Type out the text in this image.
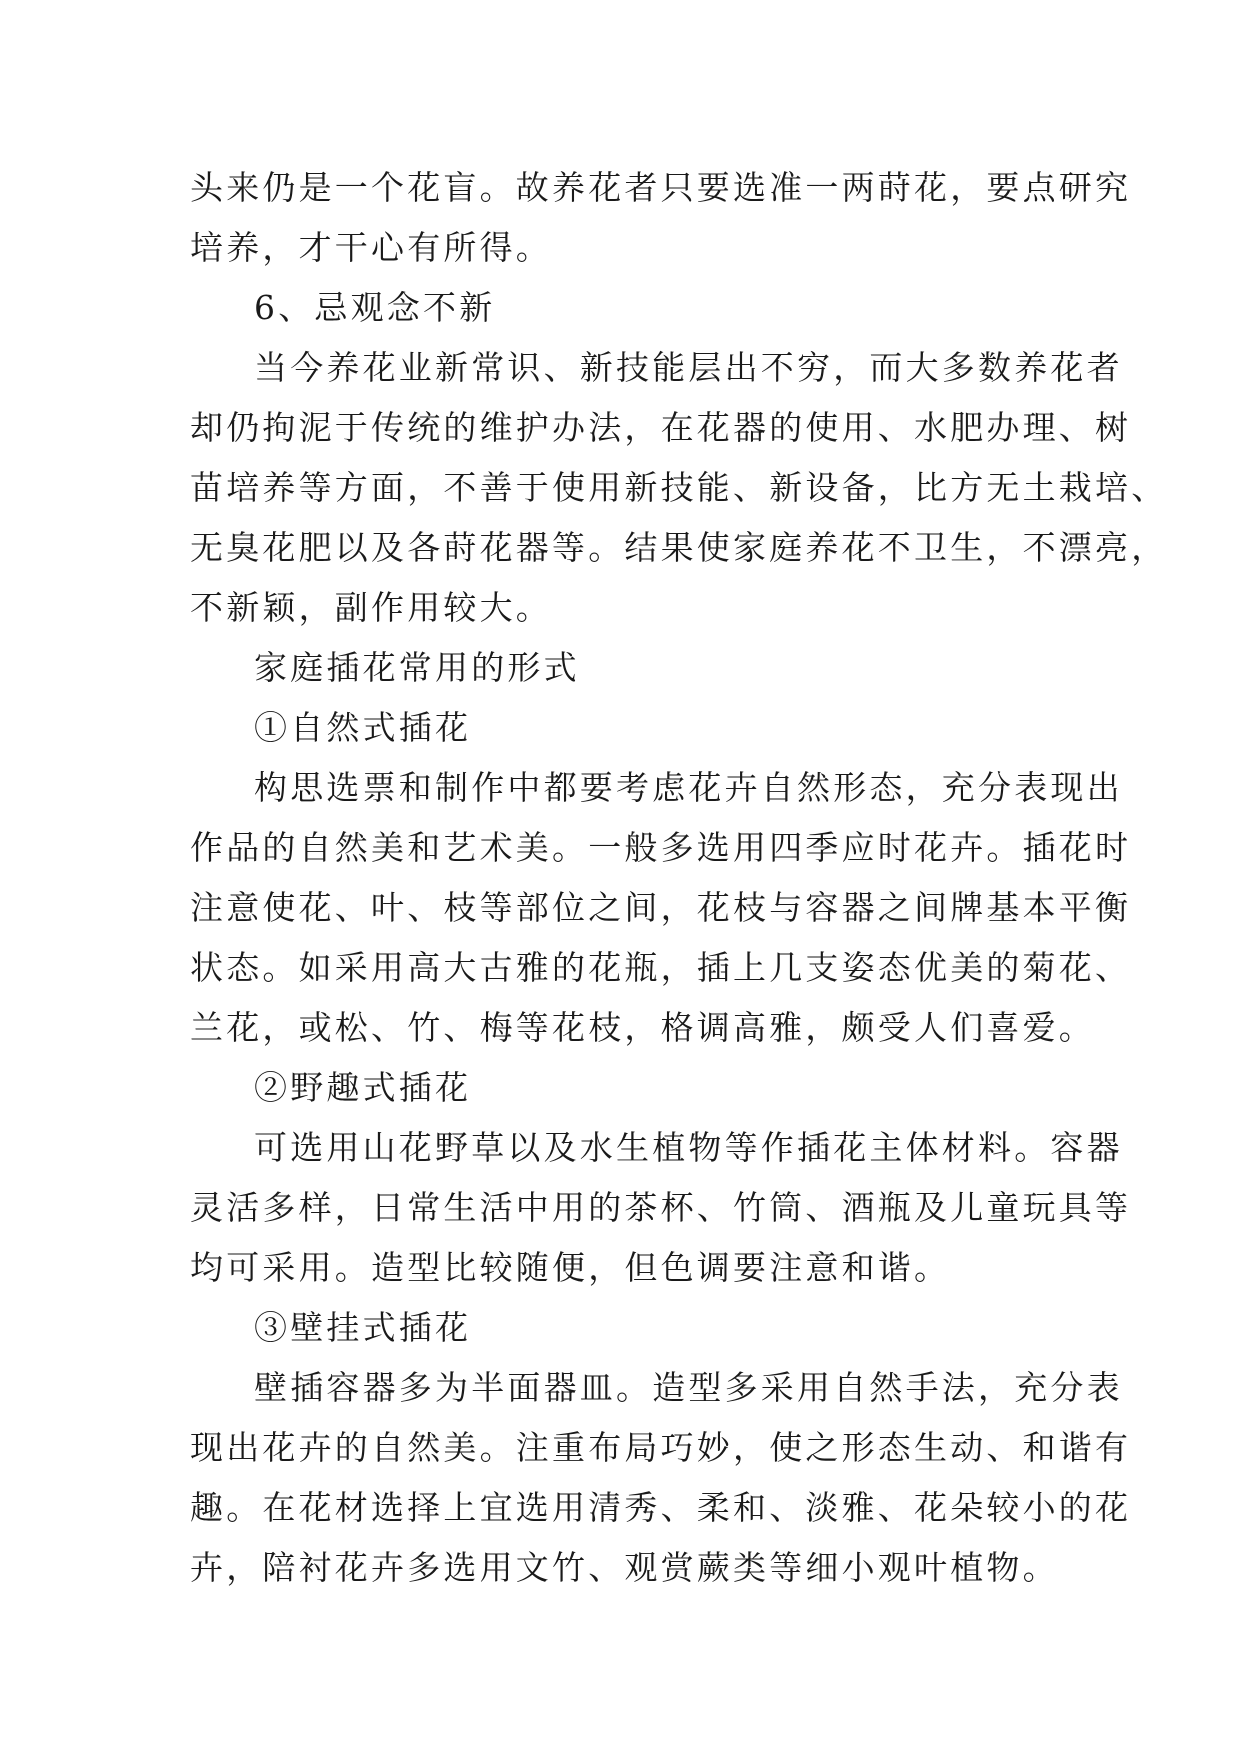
头来仍是一个花盲。故养花者只要选准一两莳花，要点研究
培养，才干心有所得。
6、忌观念不新
当今养花业新常识、新技能层出不穷，而大多数养花者
却仍拘泥于传统的维护办法，在花器的使用、水肥办理、树
苗培养等方面，不善于使用新技能、新设备，比方无土栽培、
无臭花肥以及各莳花器等。结果使家庭养花不卫生，不漂亮，
不新颖，副作用较大。
家庭插花常用的形式
①自然式插花
构思选票和制作中都要考虑花卉自然形态，充分表现出
作品的自然美和艺术美。一般多选用四季应时花卉。插花时
注意使花、叶、枝等部位之间，花枝与容器之间牌基本平衡
状态。如采用高大古雅的花瓶，插上几支姿态优美的菊花、
兰花，或松、竹、梅等花枝，格调高雅，颇受人们喜爱。
②野趣式插花
可选用山花野草以及水生植物等作插花主体材料。容器
灵活多样，日常生活中用的茶杯、竹筒、酒瓶及儿童玩具等
均可采用。造型比较随便，但色调要注意和谐。
③壁挂式插花
壁插容器多为半面器皿。造型多采用自然手法，充分表
现出花卉的自然美。注重布局巧妙，使之形态生动、和谐有
趣。在花材选择上宜选用清秀、柔和、淡雅、花朵较小的花
卉，陪衬花卉多选用文竹、观赏蕨类等细小观叶植物。
